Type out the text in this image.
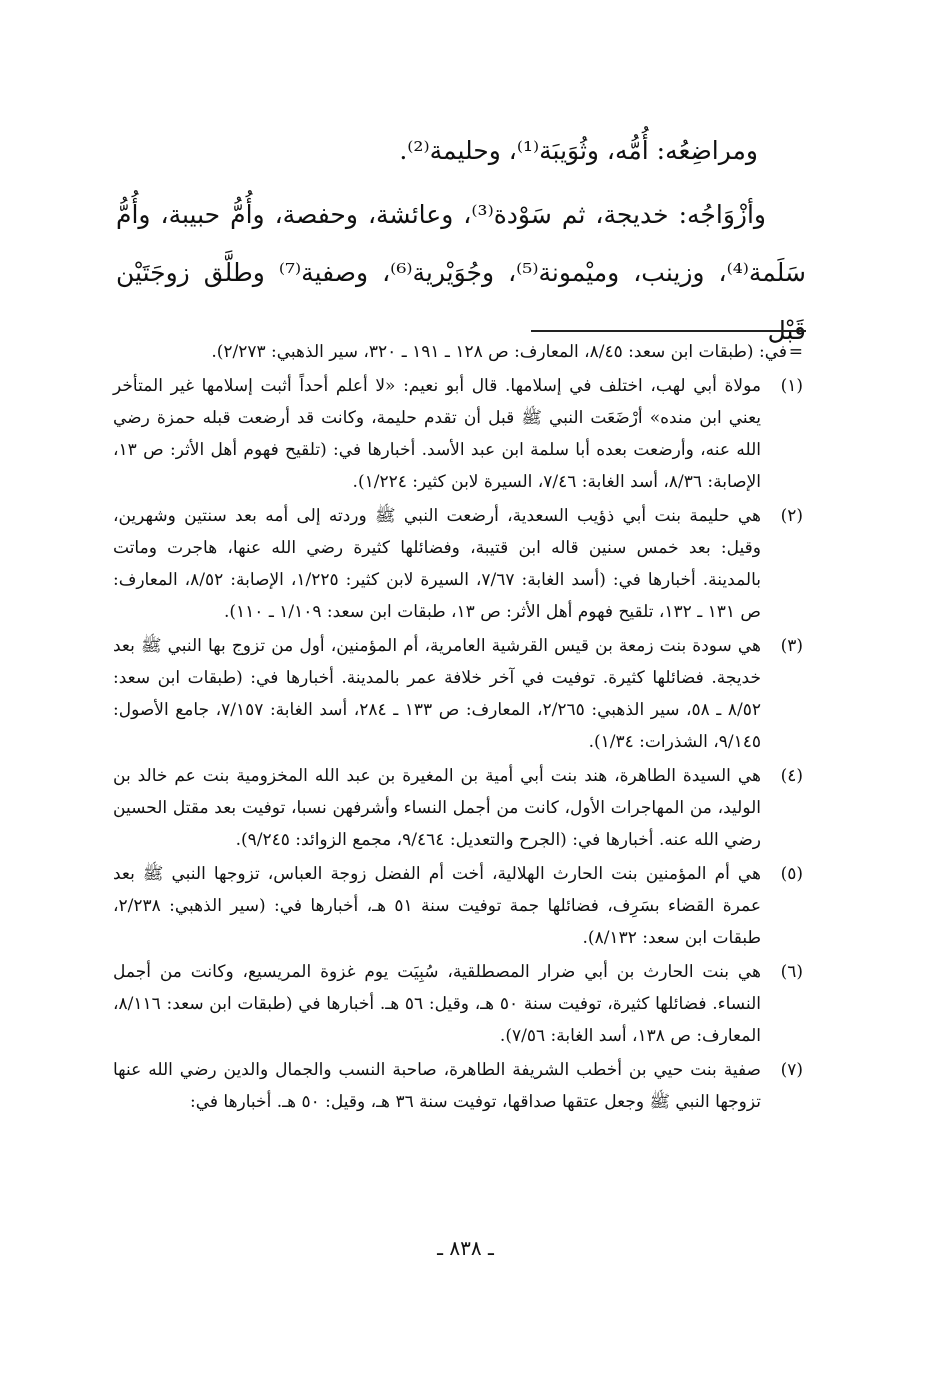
ومراضِعُه: أُمُّه، وثُوَيبَة⁽¹⁾، وحليمة⁽²⁾.

وأزْوَاجُه: خديجة، ثم سَوْدة⁽³⁾، وعائشة، وحفصة، وأُمُّ حبيبة، وأُمُّ سَلَمة⁽⁴⁾، وزينب، وميْمونة⁽⁵⁾، وجُوَيْرية⁽⁶⁾، وصفية⁽⁷⁾ وطلَّق زوجَتَيْن قَبْل

=
في: (طبقات ابن سعد: ٨/٤٥، المعارف: ص ١٢٨ ـ ١٩١ ـ ٣٢٠، سير الذهبي: ٢/٢٧٣).
(١)
مولاة أبي لهب، اختلف في إسلامها. قال أبو نعيم: «لا أعلم أحداً أثبت إسلامها غير المتأخر يعني ابن منده» أرْضَعَت النبي ﷺ قبل أن تقدم حليمة، وكانت قد أرضعت قبله حمزة رضي الله عنه، وأرضعت بعده أبا سلمة ابن عبد الأسد. أخبارها في: (تلقيح فهوم أهل الأثر: ص ١٣، الإصابة: ٨/٣٦، أسد الغابة: ٧/٤٦، السيرة لابن كثير: ١/٢٢٤).
(٢)
هي حليمة بنت أبي ذؤيب السعدية، أرضعت النبي ﷺ وردته إلى أمه بعد سنتين وشهرين، وقيل: بعد خمس سنين قاله ابن قتيبة، وفضائلها كثيرة رضي الله عنها، هاجرت وماتت بالمدينة. أخبارها في: (أسد الغابة: ٧/٦٧، السيرة لابن كثير: ١/٢٢٥، الإصابة: ٨/٥٢، المعارف: ص ١٣١ ـ ١٣٢، تلقيح فهوم أهل الأثر: ص ١٣، طبقات ابن سعد: ١/١٠٩ ـ ١١٠).
(٣)
هي سودة بنت زمعة بن قيس القرشية العامرية، أم المؤمنين، أول من تزوج بها النبي ﷺ بعد خديجة. فضائلها كثيرة. توفيت في آخر خلافة عمر بالمدينة. أخبارها في: (طبقات ابن سعد: ٨/٥٢ ـ ٥٨، سير الذهبي: ٢/٢٦٥، المعارف: ص ١٣٣ ـ ٢٨٤، أسد الغابة: ٧/١٥٧، جامع الأصول: ٩/١٤٥، الشذرات: ١/٣٤).
(٤)
هي السيدة الطاهرة، هند بنت أبي أمية بن المغيرة بن عبد الله المخزومية بنت عم خالد بن الوليد، من المهاجرات الأول، كانت من أجمل النساء وأشرفهن نسبا، توفيت بعد مقتل الحسين رضي الله عنه. أخبارها في: (الجرح والتعديل: ٩/٤٦٤، مجمع الزوائد: ٩/٢٤٥).
(٥)
هي أم المؤمنين بنت الحارث الهلالية، أخت أم الفضل زوجة العباس، تزوجها النبي ﷺ بعد عمرة القضاء بسَرِف، فضائلها جمة توفيت سنة ٥١ هـ، أخبارها في: (سير الذهبي: ٢/٢٣٨، طبقات ابن سعد: ٨/١٣٢).
(٦)
هي بنت الحارث بن أبي ضرار المصطلقية، سُبِيَت يوم غزوة المريسيع، وكانت من أجمل النساء. فضائلها كثيرة، توفيت سنة ٥٠ هـ، وقيل: ٥٦ هـ. أخبارها في (طبقات ابن سعد: ٨/١١٦، المعارف: ص ١٣٨، أسد الغابة: ٧/٥٦).
(٧)
صفية بنت حيي بن أخطب الشريفة الطاهرة، صاحبة النسب والجمال والدين رضي الله عنها تزوجها النبي ﷺ وجعل عتقها صداقها، توفيت سنة ٣٦ هـ، وقيل: ٥٠ هـ. أخبارها في:
ـ ٨٣٨ ـ
